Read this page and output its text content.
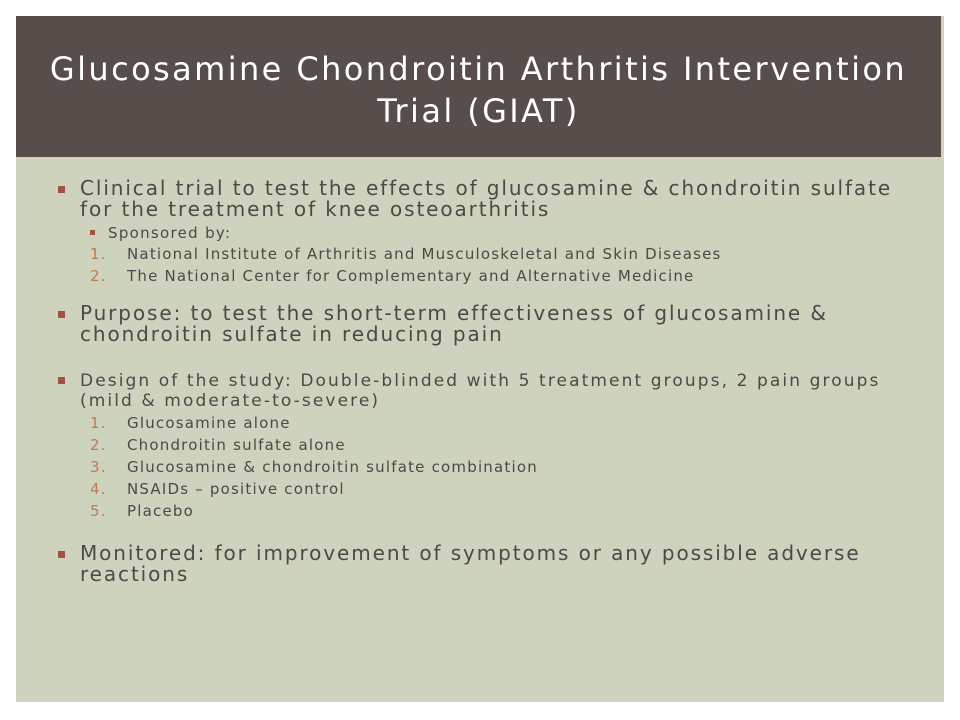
Glucosamine Chondroitin Arthritis Intervention Trial (GIAT)
Clinical trial to test the effects of glucosamine & chondroitin sulfate for the treatment of knee osteoarthritis
Sponsored by:
1. National Institute of Arthritis and Musculoskeletal and Skin Diseases
2. The National Center for Complementary and Alternative Medicine
Purpose: to test the short-term effectiveness of glucosamine & chondroitin sulfate in reducing pain
Design of the study: Double-blinded with 5 treatment groups, 2 pain groups (mild & moderate-to-severe)
1. Glucosamine alone
2. Chondroitin sulfate alone
3. Glucosamine & chondroitin sulfate combination
4. NSAIDs – positive control
5. Placebo
Monitored: for improvement of symptoms or any possible adverse reactions
